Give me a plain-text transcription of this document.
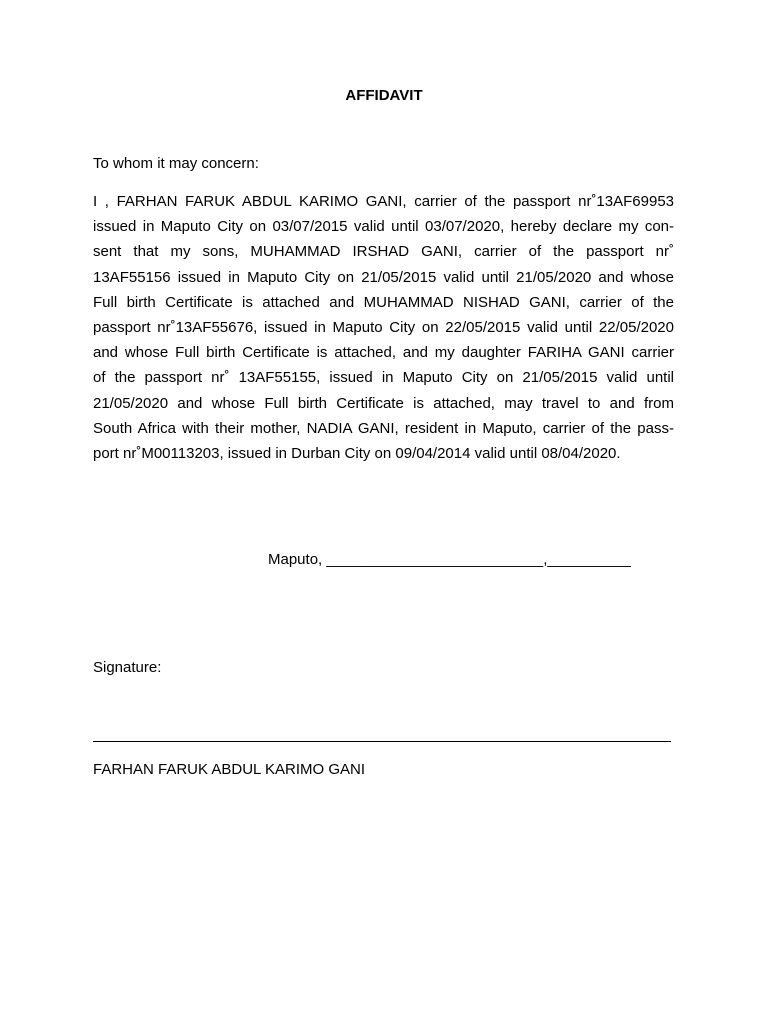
AFFIDAVIT
To whom it may concern:
I , FARHAN FARUK ABDUL KARIMO GANI, carrier of the passport nr˚13AF69953
issued in Maputo City on 03/07/2015 valid until 03/07/2020, hereby declare my con-
sent that my sons, MUHAMMAD IRSHAD GANI, carrier of the passport nr˚
13AF55156 issued in Maputo City on 21/05/2015 valid until 21/05/2020 and whose
Full birth Certificate is attached and MUHAMMAD NISHAD GANI, carrier of the
passport nr˚13AF55676, issued in Maputo City on 22/05/2015 valid until 22/05/2020
and whose Full birth Certificate is attached, and my daughter FARIHA GANI carrier
of the passport nr˚ 13AF55155, issued in Maputo City on 21/05/2015 valid until
21/05/2020 and whose Full birth Certificate is attached, may travel to and from
South Africa with their mother, NADIA GANI, resident in Maputo, carrier of the pass-
port nr˚M00113203, issued in Durban City on 09/04/2014 valid until 08/04/2020.
Maputo, __________________________,__________
Signature:
FARHAN FARUK ABDUL KARIMO GANI
